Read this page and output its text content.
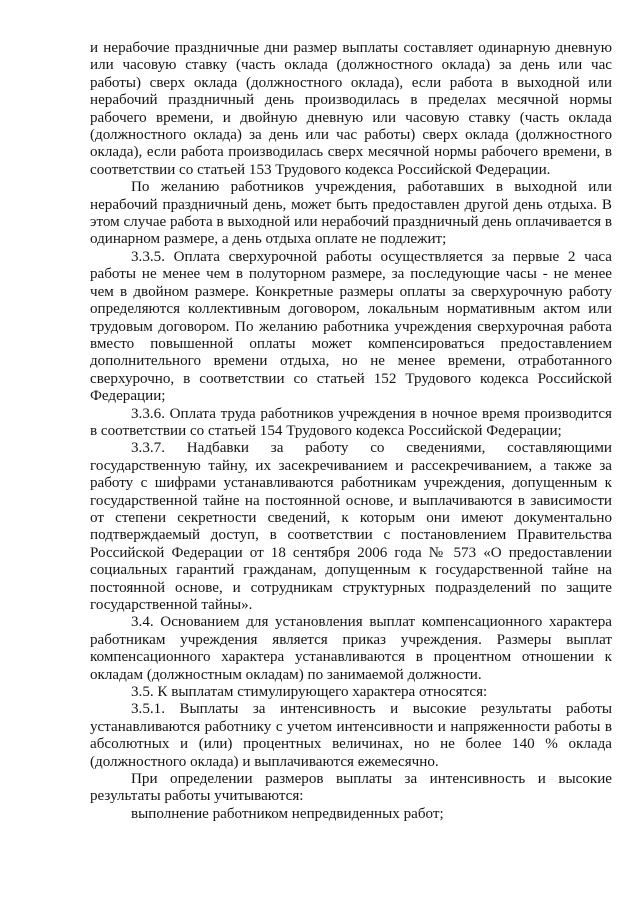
и нерабочие праздничные дни размер выплаты составляет одинарную дневную или часовую ставку (часть оклада (должностного оклада) за день или час работы) сверх оклада (должностного оклада), если работа в выходной или нерабочий праздничный день производилась в пределах месячной нормы рабочего времени, и двойную дневную или часовую ставку (часть оклада (должностного оклада) за день или час работы) сверх оклада (должностного оклада), если работа производилась сверх месячной нормы рабочего времени, в соответствии со статьей 153 Трудового кодекса Российской Федерации.

По желанию работников учреждения, работавших в выходной или нерабочий праздничный день, может быть предоставлен другой день отдыха. В этом случае работа в выходной или нерабочий праздничный день оплачивается в одинарном размере, а день отдыха оплате не подлежит;

3.3.5. Оплата сверхурочной работы осуществляется за первые 2 часа работы не менее чем в полуторном размере, за последующие часы - не менее чем в двойном размере. Конкретные размеры оплаты за сверхурочную работу определяются коллективным договором, локальным нормативным актом или трудовым договором. По желанию работника учреждения сверхурочная работа вместо повышенной оплаты может компенсироваться предоставлением дополнительного времени отдыха, но не менее времени, отработанного сверхурочно, в соответствии со статьей 152 Трудового кодекса Российской Федерации;

3.3.6. Оплата труда работников учреждения в ночное время производится в соответствии со статьей 154 Трудового кодекса Российской Федерации;

3.3.7. Надбавки за работу со сведениями, составляющими государственную тайну, их засекречиванием и рассекречиванием, а также за работу с шифрами устанавливаются работникам учреждения, допущенным к государственной тайне на постоянной основе, и выплачиваются в зависимости от степени секретности сведений, к которым они имеют документально подтверждаемый доступ, в соответствии с постановлением Правительства Российской Федерации от 18 сентября 2006 года № 573 «О предоставлении социальных гарантий гражданам, допущенным к государственной тайне на постоянной основе, и сотрудникам структурных подразделений по защите государственной тайны».

3.4. Основанием для установления выплат компенсационного характера работникам учреждения является приказ учреждения. Размеры выплат компенсационного характера устанавливаются в процентном отношении к окладам (должностным окладам) по занимаемой должности.

3.5. К выплатам стимулирующего характера относятся:

3.5.1. Выплаты за интенсивность и высокие результаты работы устанавливаются работнику с учетом интенсивности и напряженности работы в абсолютных и (или) процентных величинах, но не более 140 % оклада (должностного оклада) и выплачиваются ежемесячно.

При определении размеров выплаты за интенсивность и высокие результаты работы учитываются:

выполнение работником непредвиденных работ;
